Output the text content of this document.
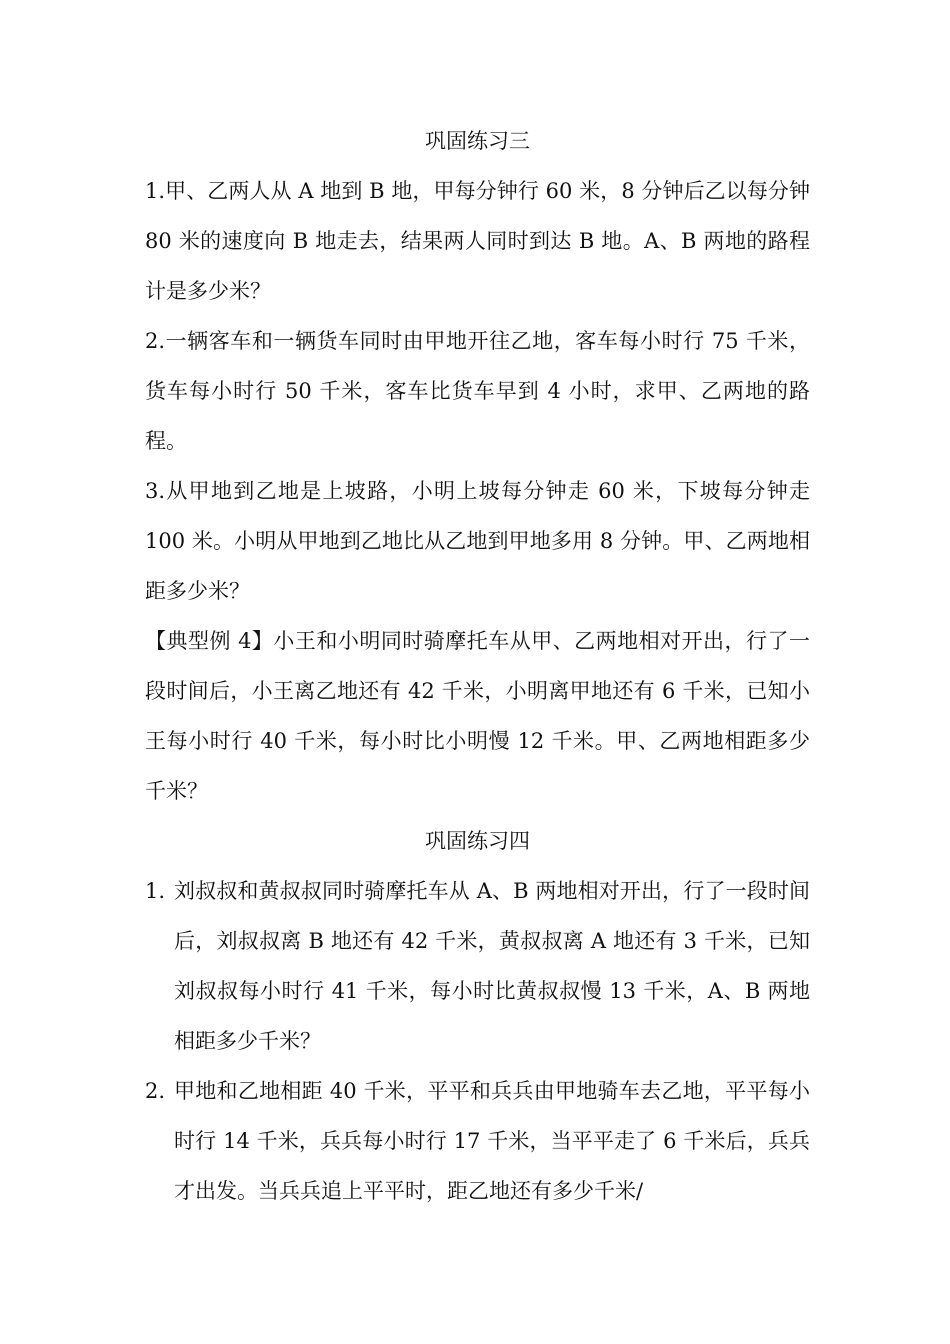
巩固练习三

1.甲、乙两人从 A 地到 B 地，甲每分钟行 60 米，8 分钟后乙以每分钟 80 米的速度向 B 地走去，结果两人同时到达 B 地。A、B 两地的路程计是多少米？

2.一辆客车和一辆货车同时由甲地开往乙地，客车每小时行 75 千米，货车每小时行 50 千米，客车比货车早到 4 小时，求甲、乙两地的路程。

3.从甲地到乙地是上坡路，小明上坡每分钟走 60 米，下坡每分钟走 100 米。小明从甲地到乙地比从乙地到甲地多用 8 分钟。甲、乙两地相距多少米？

【典型例 4】小王和小明同时骑摩托车从甲、乙两地相对开出，行了一段时间后，小王离乙地还有 42 千米，小明离甲地还有 6 千米，已知小王每小时行 40 千米，每小时比小明慢 12 千米。甲、乙两地相距多少千米？

巩固练习四
1. 刘叔叔和黄叔叔同时骑摩托车从 A、B 两地相对开出，行了一段时间后，刘叔叔离 B 地还有 42 千米，黄叔叔离 A 地还有 3 千米，已知刘叔叔每小时行 41 千米，每小时比黄叔叔慢 13 千米，A、B 两地相距多少千米？
2. 甲地和乙地相距 40 千米，平平和兵兵由甲地骑车去乙地，平平每小时行 14 千米，兵兵每小时行 17 千米，当平平走了 6 千米后，兵兵才出发。当兵兵追上平平时，距乙地还有多少千米/
